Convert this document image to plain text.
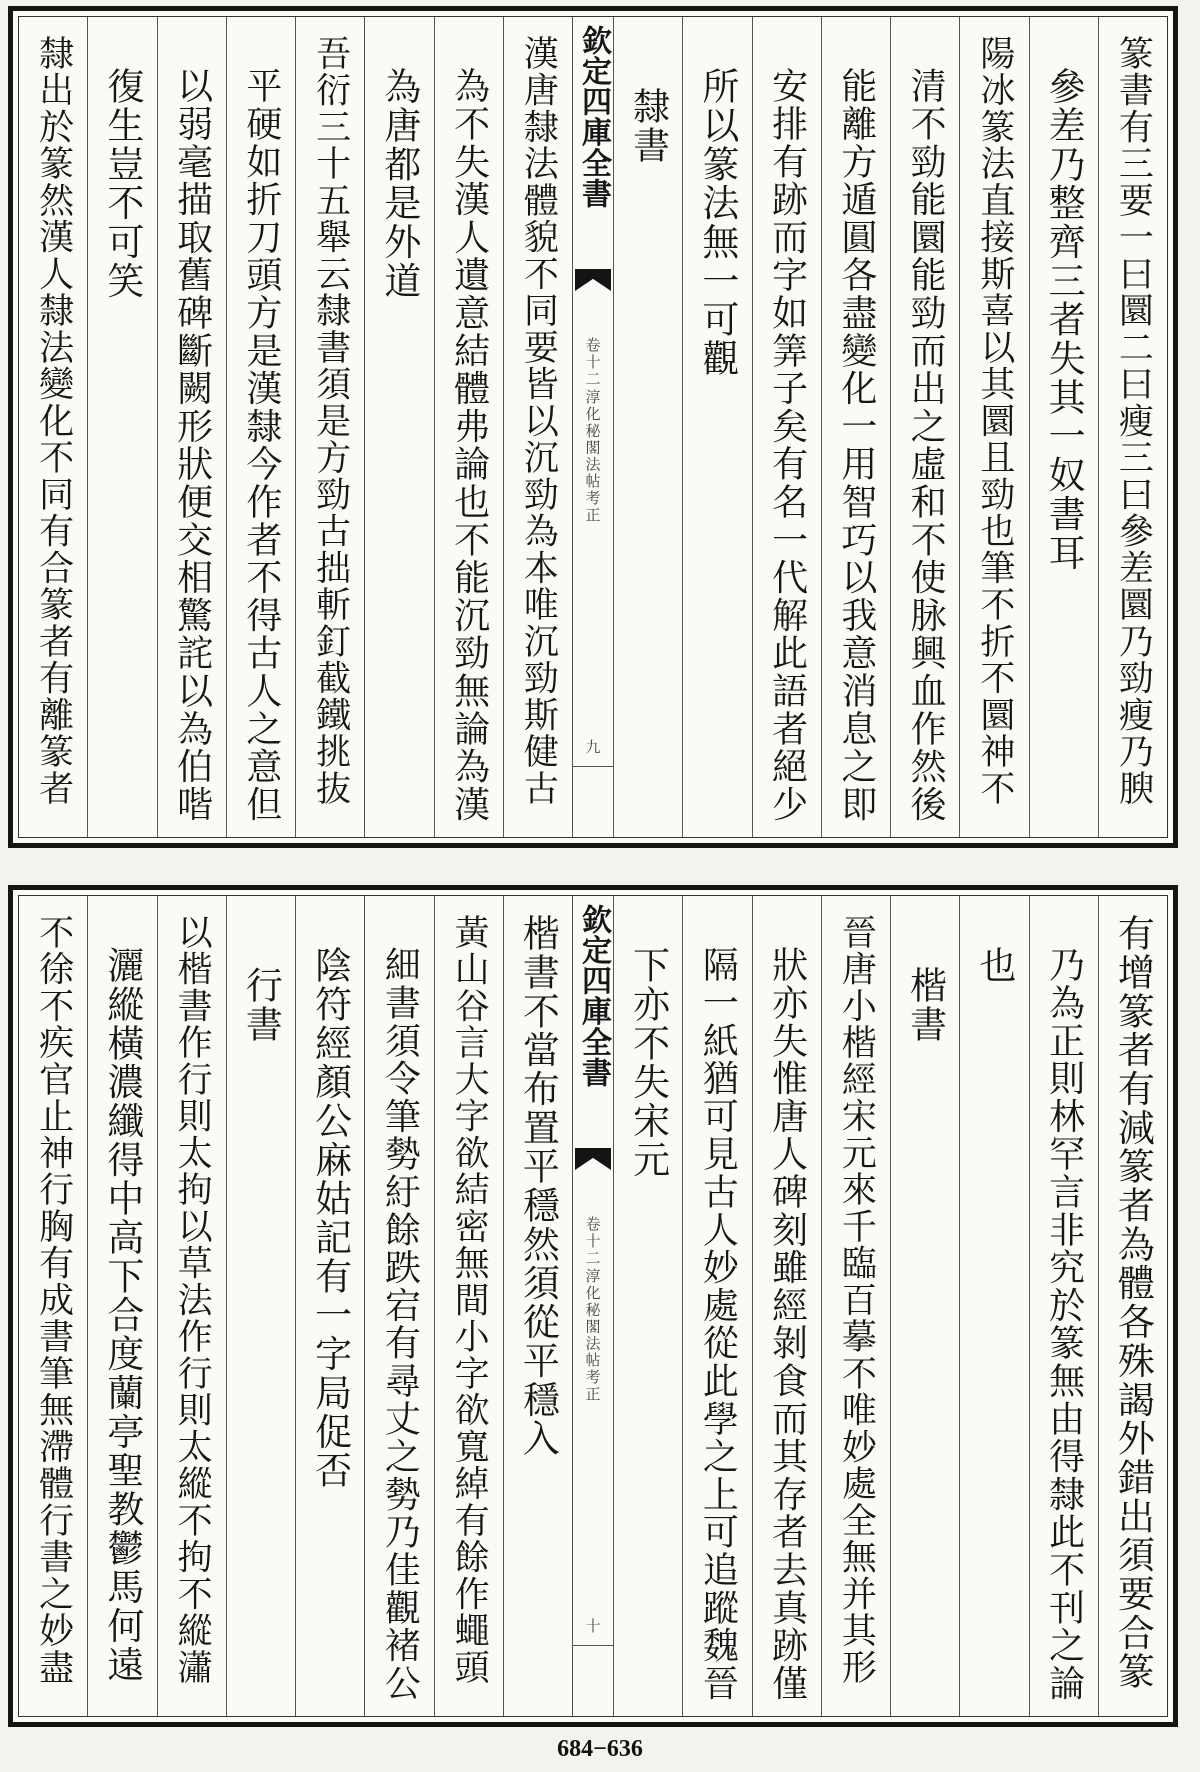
篆書有三要一曰圜二曰瘦三曰參差圜乃勁瘦乃腴
參差乃整齊三者失其一奴書耳
陽冰篆法直接斯喜以其圜且勁也筆不折不圜神不
清不勁能圜能勁而出之虛和不使脉興血作然後
能離方遁圓各盡變化一用智巧以我意消息之即
安排有跡而字如筭子矣有名一代解此語者絕少
所以篆法無一可觀
隸書
欽定四庫全書
淳化秘閣法帖考正
卷十二
九
漢唐隸法體貌不同要皆以沉勁為本唯沉勁斯健古
為不失漢人遺意結體弗論也不能沉勁無論為漢
為唐都是外道
吾衍三十五舉云隸書須是方勁古拙斬釘截鐵挑抜
平硬如折刀頭方是漢隸今作者不得古人之意但
以弱毫描取舊碑斷闕形狀便交相驚詫以為伯喈
復生豈不可笑
隸出於篆然漢人隸法變化不同有合篆者有離篆者
有增篆者有減篆者為體各殊謁外錯出須要合篆
乃為正則林罕言非究於篆無由得隸此不刊之論
也
楷書
晉唐小楷經宋元來千臨百摹不唯妙處全無并其形
狀亦失惟唐人碑刻雖經剝食而其存者去真跡僅
隔一紙猶可見古人妙處從此學之上可追蹤魏晉
下亦不失宋元
欽定四庫全書
淳化秘閣法帖考正
卷十二
十
楷書不當布置平穩然須從平穩入
黃山谷言大字欲結密無間小字欲寬綽有餘作蠅頭
細書須令筆勢紆餘跌宕有尋丈之勢乃佳觀褚公
陰符經顏公麻姑記有一字局促否
行書
以楷書作行則太拘以草法作行則太縱不拘不縱瀟
灑縱橫濃纖得中高下合度蘭亭聖教鬱馬何遠
不徐不疾官止神行胸有成書筆無滯體行書之妙盡
684−636
